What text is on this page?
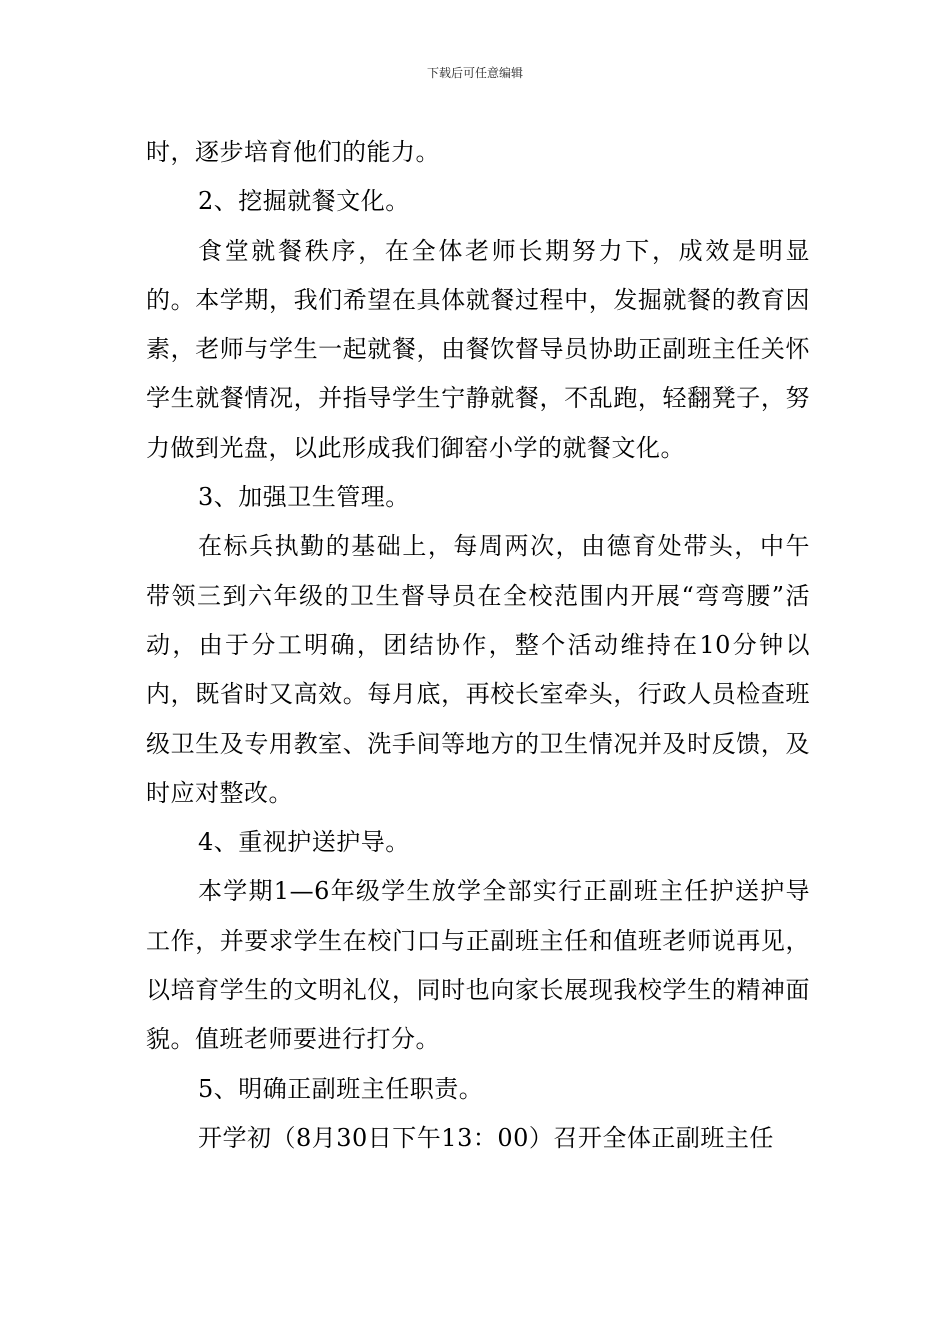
下载后可任意编辑

时，逐步培育他们的能力。

2、挖掘就餐文化。

食堂就餐秩序，在全体老师长期努力下，成效是明显的。本学期，我们希望在具体就餐过程中，发掘就餐的教育因素，老师与学生一起就餐，由餐饮督导员协助正副班主任关怀学生就餐情况，并指导学生宁静就餐，不乱跑，轻翻凳子，努力做到光盘，以此形成我们御窑小学的就餐文化。

3、加强卫生管理。

在标兵执勤的基础上，每周两次，由德育处带头，中午带领三到六年级的卫生督导员在全校范围内开展“弯弯腰”活动，由于分工明确，团结协作，整个活动维持在10分钟以内，既省时又高效。每月底，再校长室牵头，行政人员检查班级卫生及专用教室、洗手间等地方的卫生情况并及时反馈，及时应对整改。

4、重视护送护导。

本学期1—6年级学生放学全部实行正副班主任护送护导工作，并要求学生在校门口与正副班主任和值班老师说再见，以培育学生的文明礼仪，同时也向家长展现我校学生的精神面貌。值班老师要进行打分。

5、明确正副班主任职责。

开学初（8月30日下午13：00）召开全体正副班主任
